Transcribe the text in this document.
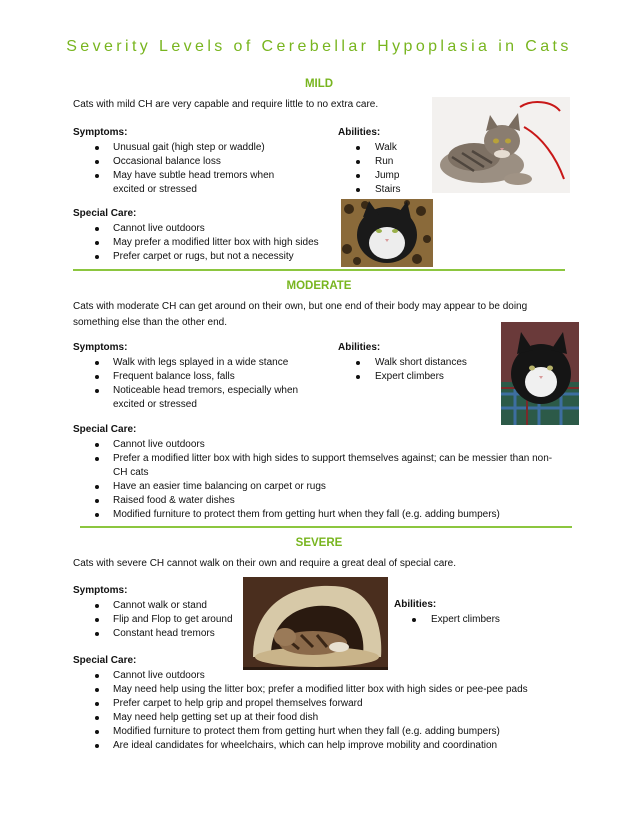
Severity Levels of Cerebellar Hypoplasia in Cats
MILD
Cats with mild CH are very capable and require little to no extra care.
Symptoms:
Unusual gait (high step or waddle)
Occasional balance loss
May have subtle head tremors when excited or stressed
Abilities:
Walk
Run
Jump
Stairs
Special Care:
Cannot live outdoors
May prefer a modified litter box with high sides
Prefer carpet or rugs, but not a necessity
MODERATE
Cats with moderate CH can get around on their own, but one end of their body may appear to be doing something else than the other end.
Symptoms:
Walk with legs splayed in a wide stance
Frequent balance loss, falls
Noticeable head tremors, especially when excited or stressed
Abilities:
Walk short distances
Expert climbers
Special Care:
Cannot live outdoors
Prefer a modified litter box with high sides to support themselves against; can be messier than non-CH cats
Have an easier time balancing on carpet or rugs
Raised food & water dishes
Modified furniture to protect them from getting hurt when they fall (e.g. adding bumpers)
SEVERE
Cats with severe CH cannot walk on their own and require a great deal of special care.
Symptoms:
Cannot walk or stand
Flip and Flop to get around
Constant head tremors
Abilities:
Expert climbers
Special Care:
Cannot live outdoors
May need help using the litter box; prefer a modified litter box with high sides or pee-pee pads
Prefer carpet to help grip and propel themselves forward
May need help getting set up at their food dish
Modified furniture to protect them from getting hurt when they fall (e.g. adding bumpers)
Are ideal candidates for wheelchairs, which can help improve mobility and coordination
